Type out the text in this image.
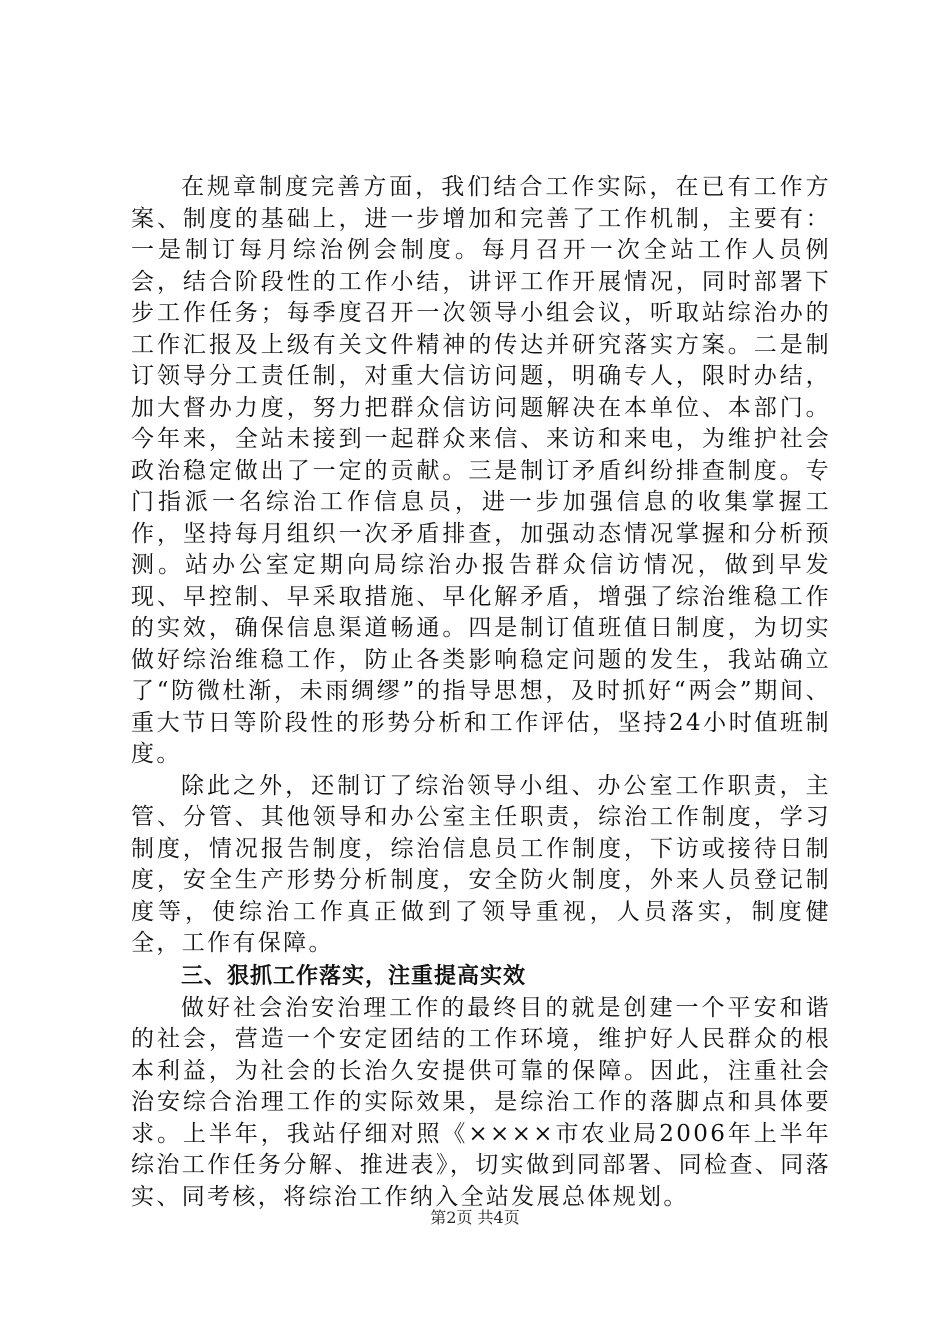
在规章制度完善方面，我们结合工作实际，在已有工作方案、制度的基础上，进一步增加和完善了工作机制，主要有：一是制订每月综治例会制度。每月召开一次全站工作人员例会，结合阶段性的工作小结，讲评工作开展情况，同时部署下步工作任务；每季度召开一次领导小组会议，听取站综治办的工作汇报及上级有关文件精神的传达并研究落实方案。二是制订领导分工责任制，对重大信访问题，明确专人，限时办结，加大督办力度，努力把群众信访问题解决在本单位、本部门。今年来，全站未接到一起群众来信、来访和来电，为维护社会政治稳定做出了一定的贡献。三是制订矛盾纠纷排查制度。专门指派一名综治工作信息员，进一步加强信息的收集掌握工作，坚持每月组织一次矛盾排查，加强动态情况掌握和分析预测。站办公室定期向局综治办报告群众信访情况，做到早发现、早控制、早采取措施、早化解矛盾，增强了综治维稳工作的实效，确保信息渠道畅通。四是制订值班值日制度，为切实做好综治维稳工作，防止各类影响稳定问题的发生，我站确立了“防微杜渐，未雨绸缪”的指导思想，及时抓好“两会”期间、重大节日等阶段性的形势分析和工作评估，坚持24小时值班制度。

除此之外，还制订了综治领导小组、办公室工作职责，主管、分管、其他领导和办公室主任职责，综治工作制度，学习制度，情况报告制度，综治信息员工作制度，下访或接待日制度，安全生产形势分析制度，安全防火制度，外来人员登记制度等，使综治工作真正做到了领导重视，人员落实，制度健全，工作有保障。

三、狠抓工作落实，注重提高实效

做好社会治安治理工作的最终目的就是创建一个平安和谐的社会，营造一个安定团结的工作环境，维护好人民群众的根本利益，为社会的长治久安提供可靠的保障。因此，注重社会治安综合治理工作的实际效果，是综治工作的落脚点和具体要求。上半年，我站仔细对照《××××市农业局2006年上半年综治工作任务分解、推进表》，切实做到同部署、同检查、同落实、同考核，将综治工作纳入全站发展总体规划。

第2页 共4页
